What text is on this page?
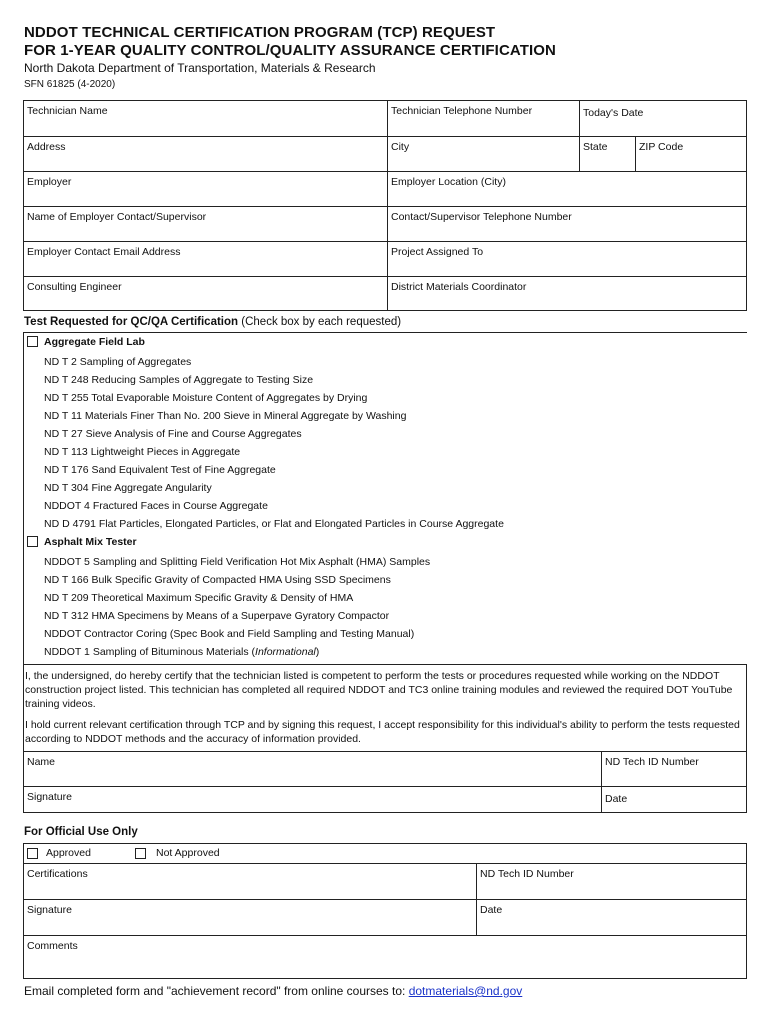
NDDOT TECHNICAL CERTIFICATION PROGRAM (TCP) REQUEST
FOR 1-YEAR QUALITY CONTROL/QUALITY ASSURANCE CERTIFICATION
North Dakota Department of Transportation, Materials & Research
SFN 61825 (4-2020)
Technician Name	Technician Telephone Number	Today's Date
Address	City	State	ZIP Code
Employer	Employer Location (City)
Name of Employer Contact/Supervisor	Contact/Supervisor Telephone Number
Employer Contact Email Address	Project Assigned To
Consulting Engineer	District Materials Coordinator
Test Requested for QC/QA Certification (Check box by each requested)
Aggregate Field Lab
ND T 2 Sampling of Aggregates
ND T 248 Reducing Samples of Aggregate to Testing Size
ND T 255 Total Evaporable Moisture Content of Aggregates by Drying
ND T 11 Materials Finer Than No. 200 Sieve in Mineral Aggregate by Washing
ND T 27 Sieve Analysis of Fine and Course Aggregates
ND T 113 Lightweight Pieces in Aggregate
ND T 176 Sand Equivalent Test of Fine Aggregate
ND T 304 Fine Aggregate Angularity
NDDOT 4 Fractured Faces in Course Aggregate
ND D 4791 Flat Particles, Elongated Particles, or Flat and Elongated Particles in Course Aggregate
Asphalt Mix Tester
NDDOT 5 Sampling and Splitting Field Verification Hot Mix Asphalt (HMA) Samples
ND T 166 Bulk Specific Gravity of Compacted HMA Using SSD Specimens
ND T 209 Theoretical Maximum Specific Gravity & Density of HMA
ND T 312 HMA Specimens by Means of a Superpave Gyratory Compactor
NDDOT Contractor Coring (Spec Book and Field Sampling and Testing Manual)
NDDOT 1 Sampling of Bituminous Materials (Informational)
Name	ND Tech ID Number
Signature	Date
I, the undersigned, do hereby certify that the technician listed is competent to perform the tests or procedures requested while working on the NDDOT construction project listed. This technician has completed all required NDDOT and TC3 online training modules and reviewed the required DOT YouTube training videos.
I hold current relevant certification through TCP and by signing this request, I accept responsibility for this individual's ability to perform the tests requested according to NDDOT methods and the accuracy of information provided.
For Official Use Only
Certifications	ND Tech ID Number
Signature	Date
Comments
Approved	Not Approved
Email completed form and "achievement record" from online courses to: dotmaterials@nd.gov
